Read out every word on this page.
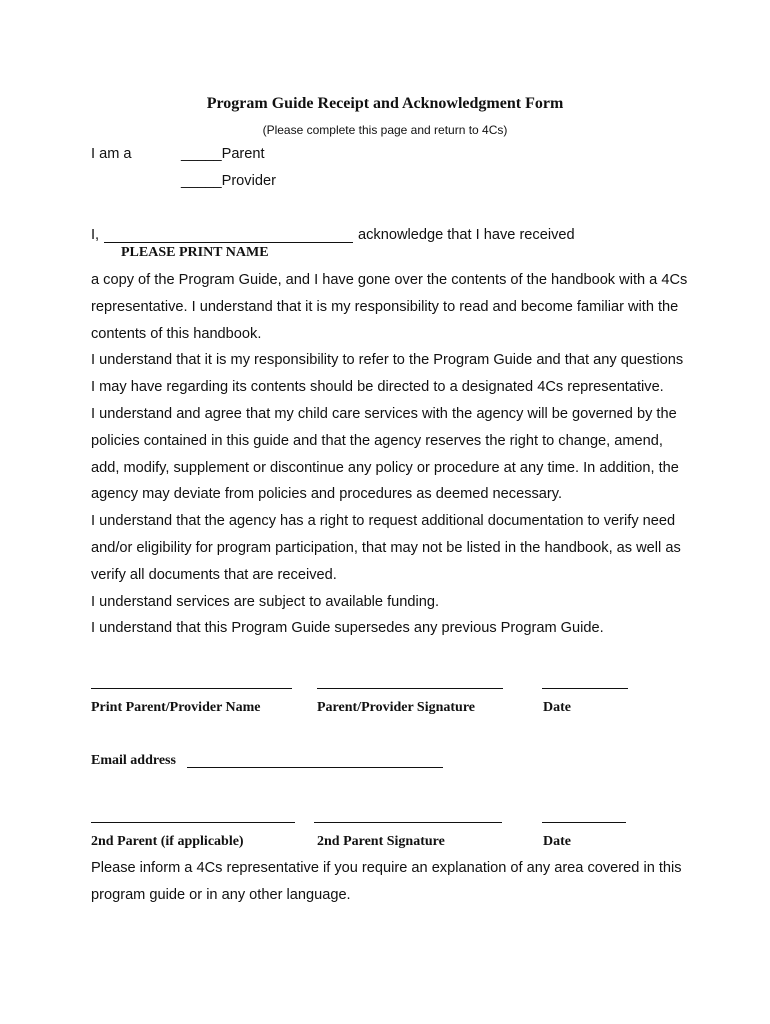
Program Guide Receipt and Acknowledgment Form
(Please complete this page and return to 4Cs)
I am a	_____Parent
_____Provider
I,	acknowledge that I have received
PLEASE PRINT NAME

a copy of the Program Guide, and I have gone over the contents of the handbook with a 4Cs representative. I understand that it is my responsibility to read and become familiar with the contents of this handbook.

I understand that it is my responsibility to refer to the Program Guide and that any questions I may have regarding its contents should be directed to a designated 4Cs representative.

I understand and agree that my child care services with the agency will be governed by the policies contained in this guide and that the agency reserves the right to change, amend, add, modify, supplement or discontinue any policy or procedure at any time. In addition, the agency may deviate from policies and procedures as deemed necessary.

I understand that the agency has a right to request additional documentation to verify need and/or eligibility for program participation, that may not be listed in the handbook, as well as verify all documents that are received.

I understand services are subject to available funding.

I understand that this Program Guide supersedes any previous Program Guide.

Print Parent/Provider Name	Parent/Provider Signature	Date
Email address
2nd Parent (if applicable)	2nd Parent Signature	Date
Please inform a 4Cs representative if you require an explanation of any area covered in this program guide or in any other language.
